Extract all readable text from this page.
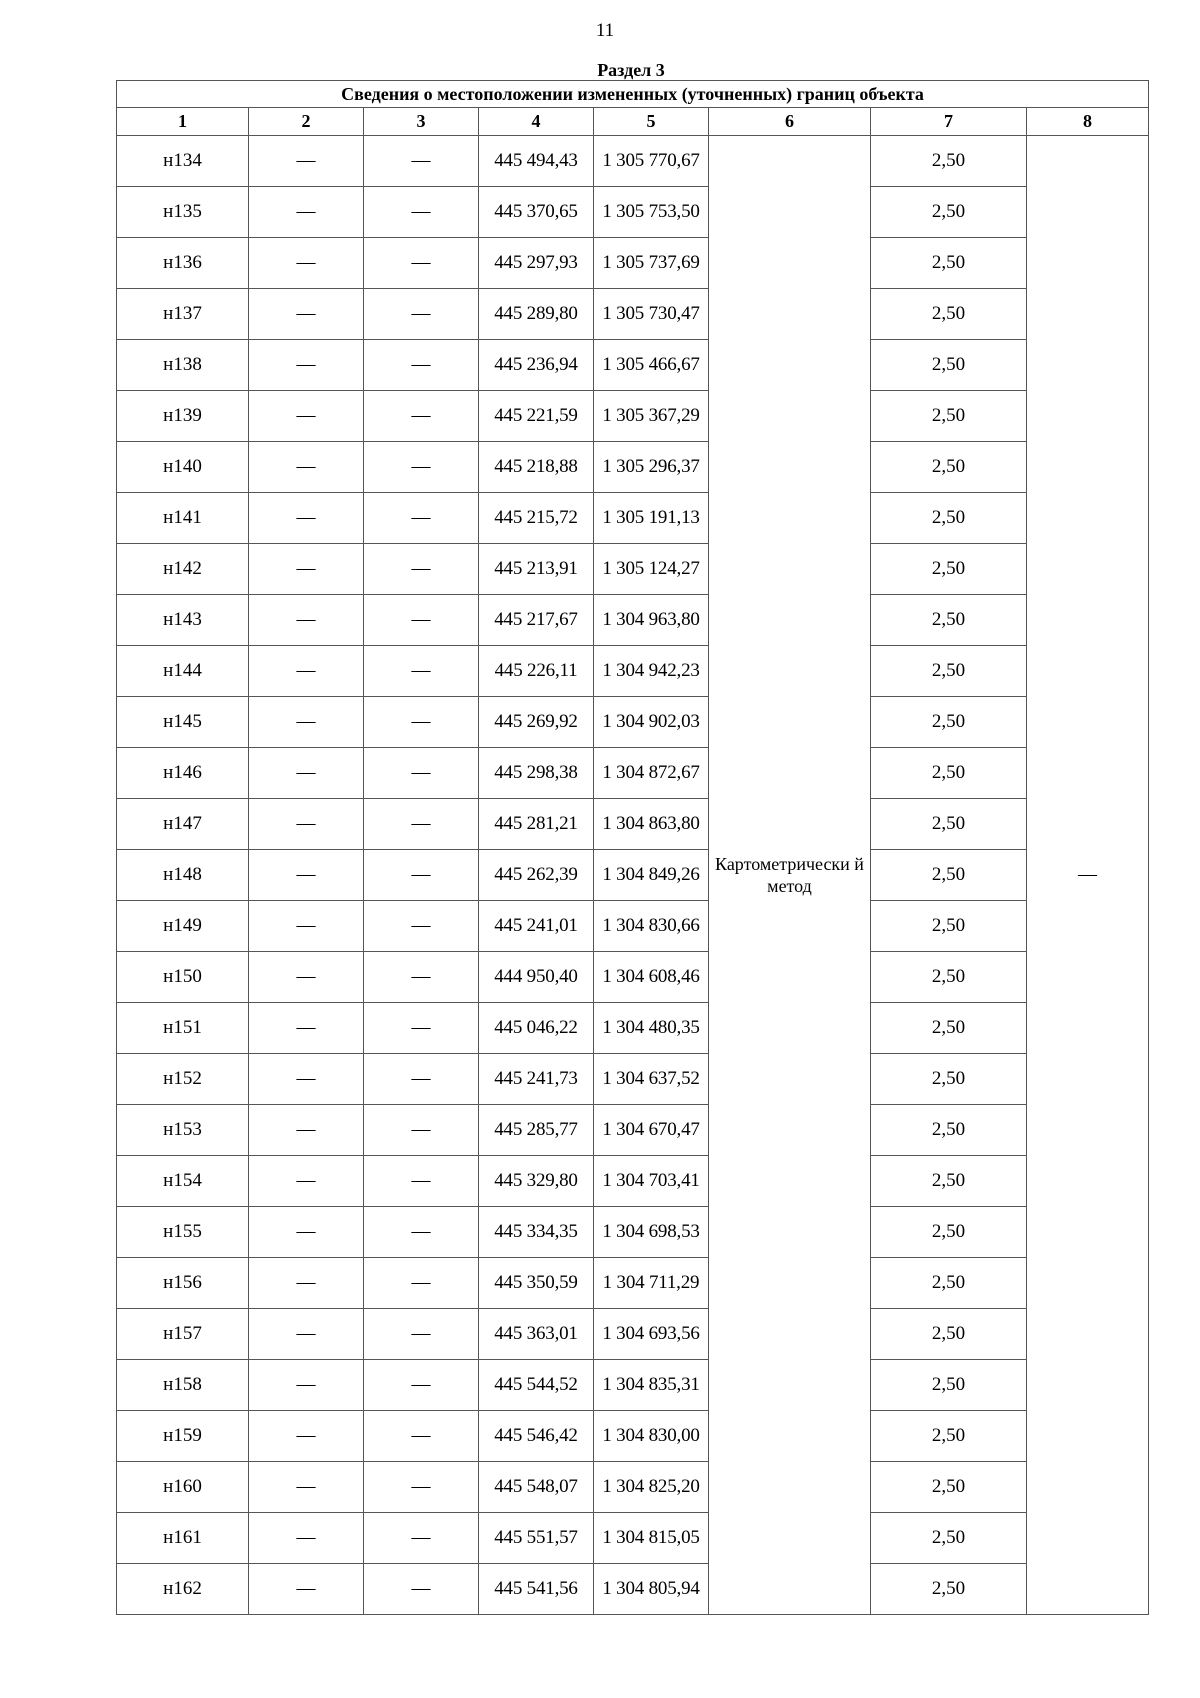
11
Раздел 3
Сведения о местоположении измененных (уточненных) границ объекта							
1	2	3	4	5	6	7	8
н134	—	—	445 494,43	1 305 770,67	Картометрически й метод	2,50	—
н135	—	—	445 370,65	1 305 753,50		2,50	
н136	—	—	445 297,93	1 305 737,69		2,50	
н137	—	—	445 289,80	1 305 730,47		2,50	
н138	—	—	445 236,94	1 305 466,67		2,50	
н139	—	—	445 221,59	1 305 367,29		2,50	
н140	—	—	445 218,88	1 305 296,37		2,50	
н141	—	—	445 215,72	1 305 191,13		2,50	
н142	—	—	445 213,91	1 305 124,27		2,50	
н143	—	—	445 217,67	1 304 963,80		2,50	
н144	—	—	445 226,11	1 304 942,23		2,50	
н145	—	—	445 269,92	1 304 902,03		2,50	
н146	—	—	445 298,38	1 304 872,67		2,50	
н147	—	—	445 281,21	1 304 863,80		2,50	
н148	—	—	445 262,39	1 304 849,26		2,50	
н149	—	—	445 241,01	1 304 830,66		2,50	
н150	—	—	444 950,40	1 304 608,46		2,50	
н151	—	—	445 046,22	1 304 480,35		2,50	
н152	—	—	445 241,73	1 304 637,52		2,50	
н153	—	—	445 285,77	1 304 670,47		2,50	
н154	—	—	445 329,80	1 304 703,41		2,50	
н155	—	—	445 334,35	1 304 698,53		2,50	
н156	—	—	445 350,59	1 304 711,29		2,50	
н157	—	—	445 363,01	1 304 693,56		2,50	
н158	—	—	445 544,52	1 304 835,31		2,50	
н159	—	—	445 546,42	1 304 830,00		2,50	
н160	—	—	445 548,07	1 304 825,20		2,50	
н161	—	—	445 551,57	1 304 815,05		2,50	
н162	—	—	445 541,56	1 304 805,94		2,50	
